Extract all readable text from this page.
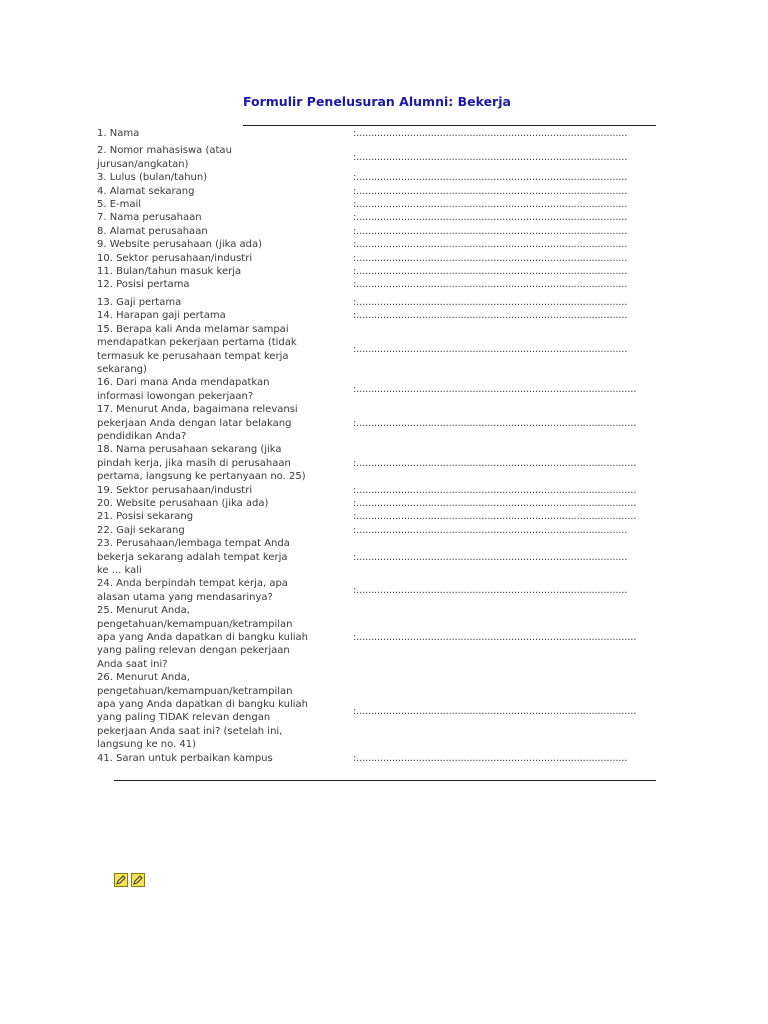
Formulir Penelusuran Alumni: Bekerja
1. Nama	:...........................................................................................
2. Nomor mahasiswa (atau
jurusan/angkatan)
:...........................................................................................
3. Lulus (bulan/tahun)	:...........................................................................................
4. Alamat sekarang	:...........................................................................................
5. E-mail	:...........................................................................................
7. Nama perusahaan	:...........................................................................................
8. Alamat perusahaan	:...........................................................................................
9. Website perusahaan (jika ada)	:...........................................................................................
10. Sektor perusahaan/industri	:...........................................................................................
11. Bulan/tahun masuk kerja	:...........................................................................................
12. Posisi pertama	:...........................................................................................
13. Gaji pertama	:...........................................................................................
14. Harapan gaji pertama	:...........................................................................................
15. Berapa kali Anda melamar sampai
mendapatkan pekerjaan pertama (tidak
termasuk ke perusahaan tempat kerja
sekarang)
:...........................................................................................
16. Dari mana Anda mendapatkan
informasi lowongan pekerjaan?
:..............................................................................................
17. Menurut Anda, bagaimana relevansi
pekerjaan Anda dengan latar belakang
pendidikan Anda?
:..............................................................................................
18. Nama perusahaan sekarang (jika
pindah kerja, jika masih di perusahaan
pertama, langsung ke pertanyaan no. 25)
:..............................................................................................
19. Sektor perusahaan/industri	:..............................................................................................
20. Website perusahaan (jika ada)	:..............................................................................................
21. Posisi sekarang	:..............................................................................................
22. Gaji sekarang	:...........................................................................................
23. Perusahaan/lembaga tempat Anda
bekerja sekarang adalah tempat kerja
ke ... kali
:...........................................................................................
24. Anda berpindah tempat kerja, apa
alasan utama yang mendasarinya?
:...........................................................................................
25. Menurut Anda,
pengetahuan/kemampuan/ketrampilan
apa yang Anda dapatkan di bangku kuliah
yang paling relevan dengan pekerjaan
Anda saat ini?
:..............................................................................................
26. Menurut Anda,
pengetahuan/kemampuan/ketrampilan
apa yang Anda dapatkan di bangku kuliah
yang paling TIDAK relevan dengan
pekerjaan Anda saat ini? (setelah ini,
langsung ke no. 41)
:..............................................................................................
41. Saran untuk perbaikan kampus	:...........................................................................................
